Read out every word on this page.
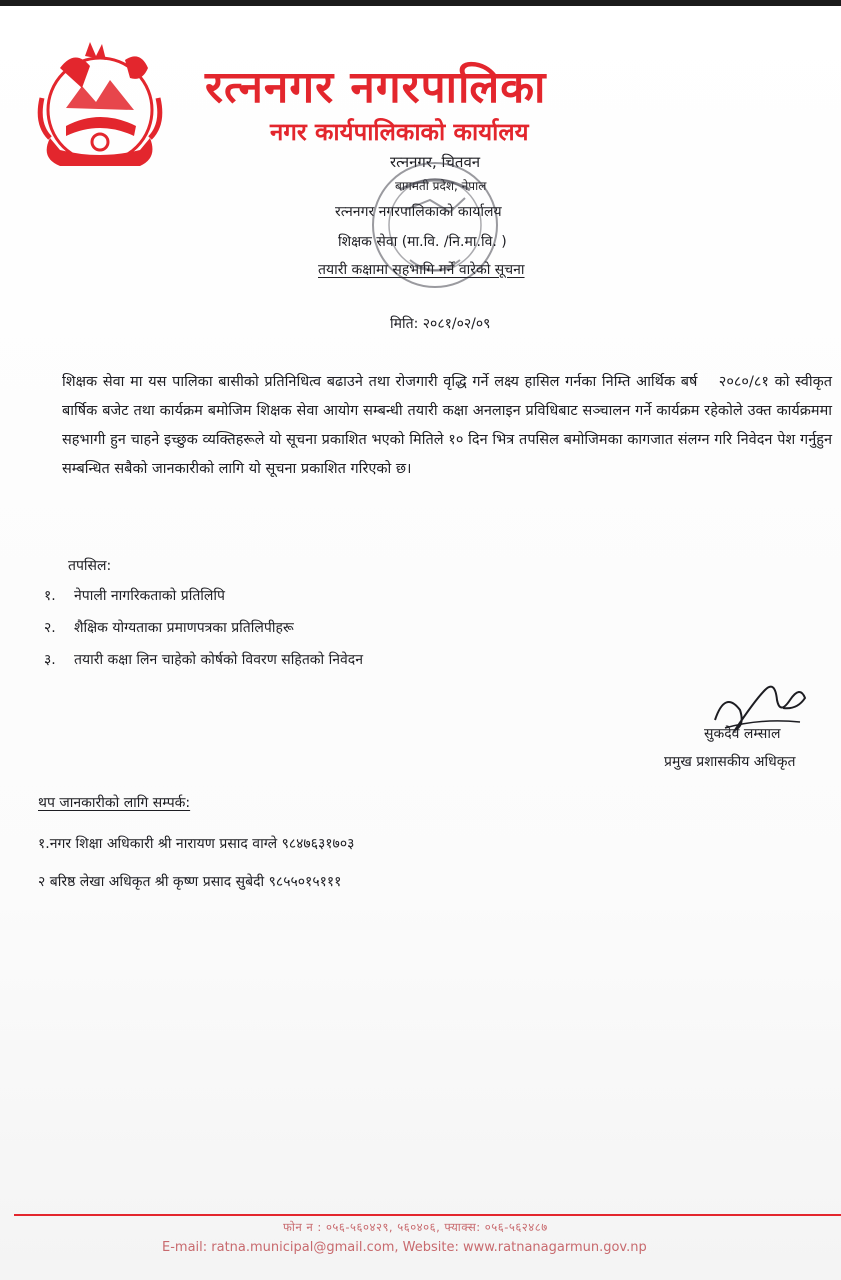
रत्ननगर नगरपालिका
नगर कार्यपालिकाको कार्यालय
रत्ननगर, चितवन
बागमती प्रदेश, नेपाल
रत्ननगर नगरपालिकाको कार्यालय
शिक्षक सेवा (मा.वि. /नि.मा.वि. )
तयारी कक्षामा सहभागि गर्ने वारेको सूचना
मिति: २०८१/०२/०९
शिक्षक सेवा मा यस पालिका बासीको प्रतिनिधित्व बढाउने तथा रोजगारी वृद्धि गर्ने लक्ष्य हासिल गर्नका निम्ति आर्थिक बर्ष २०८०/८१ को स्वीकृत बार्षिक बजेट तथा कार्यक्रम बमोजिम शिक्षक सेवा आयोग सम्बन्धी तयारी कक्षा अनलाइन प्रविधिबाट सञ्चालन गर्ने कार्यक्रम रहेकोले उक्त कार्यक्रममा सहभागी हुन चाहने इच्छुक व्यक्तिहरूले यो सूचना प्रकाशित भएको मितिले १० दिन भित्र तपसिल बमोजिमका कागजात संलग्न गरि निवेदन पेश गर्नुहुन सम्बन्धित सबैको जानकारीको लागि यो सूचना प्रकाशित गरिएको छ।
तपसिल:
१. नेपाली नागरिकताको प्रतिलिपि
२. शैक्षिक योग्यताका प्रमाणपत्रका प्रतिलिपीहरू
३. तयारी कक्षा लिन चाहेको कोर्षको विवरण सहितको निवेदन
सुकदेव लम्साल
प्रमुख प्रशासकीय अधिकृत
थप जानकारीको लागि सम्पर्क:
१.नगर शिक्षा अधिकारी श्री नारायण प्रसाद वाग्ले ९८४७६३१७०३
२ बरिष्ठ लेखा अधिकृत श्री कृष्ण प्रसाद सुबेदी ९८५५०१५१११
फोन न : ०५६-५६०४२९, ५६०४०६, फ्याक्स: ०५६-५६२४८७
E-mail: ratna.municipal@gmail.com, Website: www.ratnanagarmun.gov.np
